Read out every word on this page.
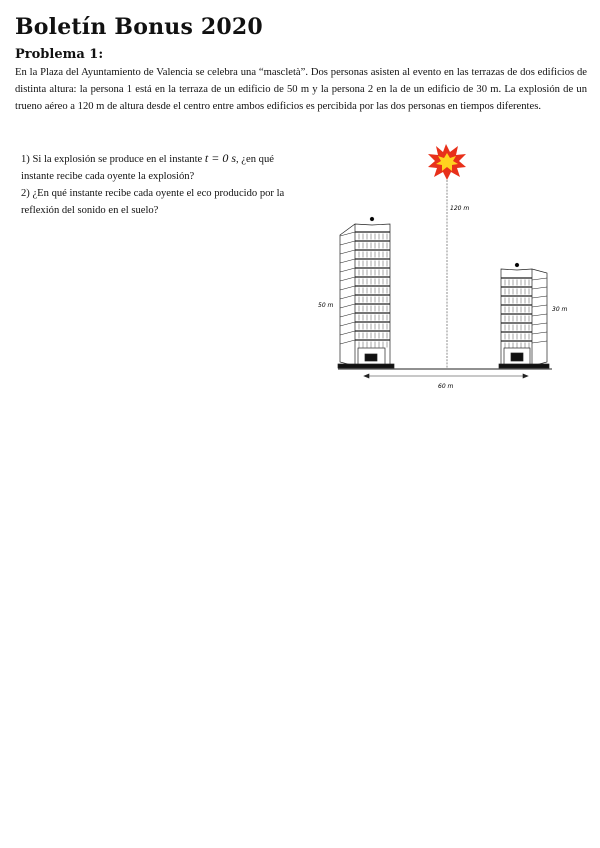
Boletín Bonus 2020
Problema 1:

En la Plaza del Ayuntamiento de Valencia se celebra una “mascletà”. Dos personas asisten al evento en las terrazas de dos edificios de distinta altura: la persona 1 está en la terraza de un edificio de 50 m y la persona 2 en la de un edificio de 30 m. La explosión de un trueno aéreo a 120 m de altura desde el centro entre ambos edificios es percibida por las dos personas en tiempos diferentes.

1) Si la explosión se produce en el instante t = 0 s, ¿en qué instante recibe cada oyente la explosión?

2) ¿En qué instante recibe cada oyente el eco producido por la reflexión del sonido en el suelo?	120 m
50 m
30 m
60 m
